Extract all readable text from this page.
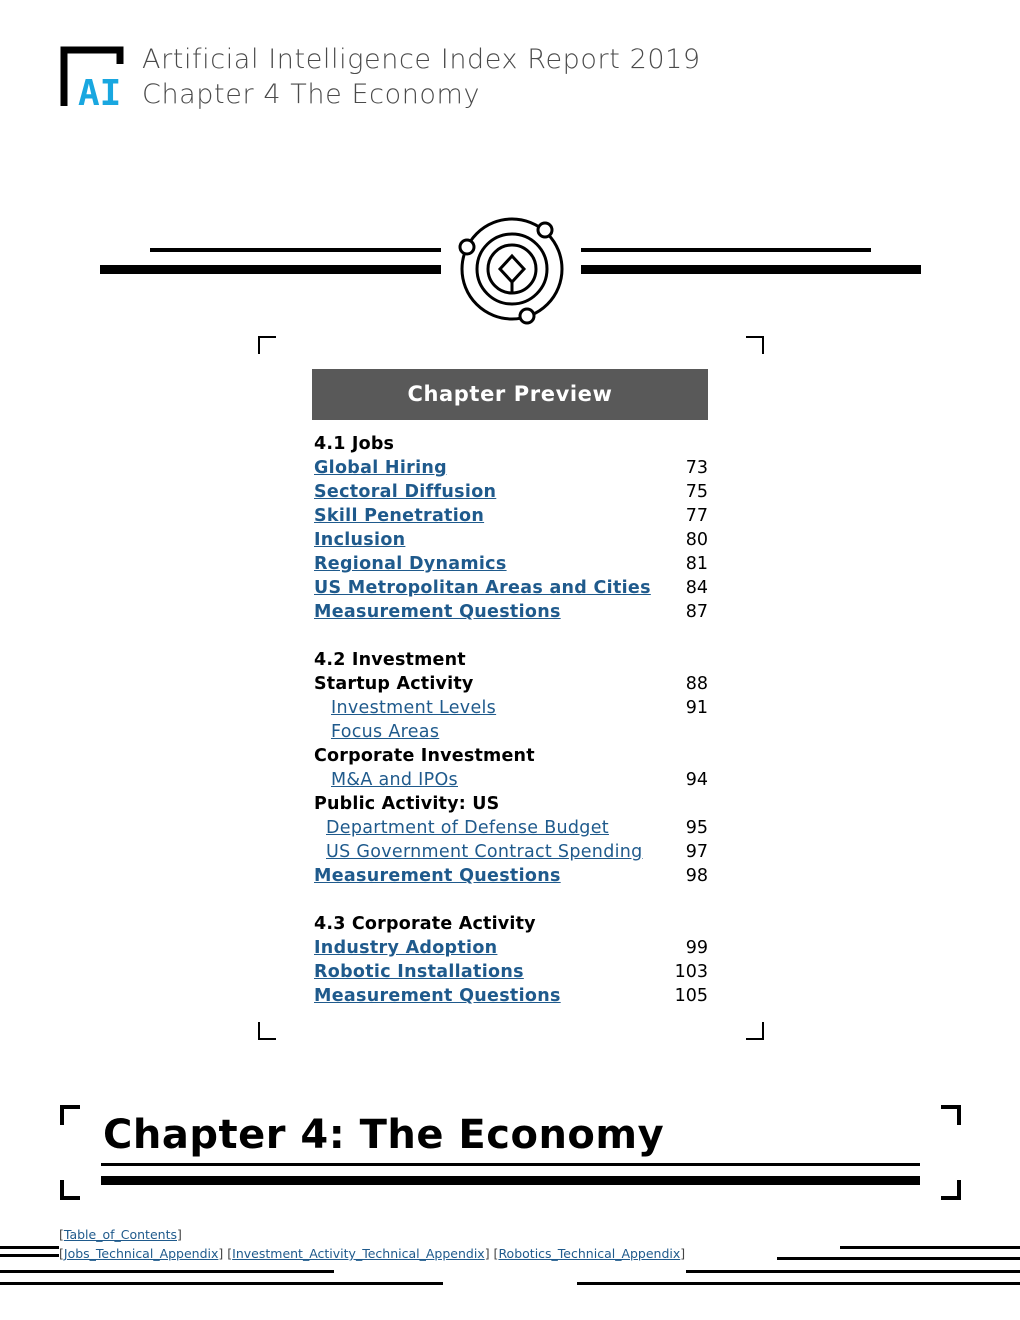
AI
Artificial Intelligence Index Report 2019
Chapter 4 The Economy
Chapter Preview
4.1 Jobs
Global Hiring	73
Sectoral Diffusion	75
Skill Penetration	77
Inclusion	80
Regional Dynamics	81
US Metropolitan Areas and Cities 84
Measurement Questions	87
4.2 Investment
Startup Activity	88
Investment Levels	91
Focus Areas
Corporate Investment
M&A and IPOs	94
Public Activity: US
Department of Defense Budget	95
US Government Contract Spending 97
Measurement Questions	98
4.3 Corporate Activity
Industry Adoption	99
Robotic Installations	103
Measurement Questions	105
Chapter 4: The Economy
[Table_of_Contents]
[Jobs_Technical_Appendix] [Investment_Activity_Technical_Appendix] [Robotics_Technical_Appendix]
